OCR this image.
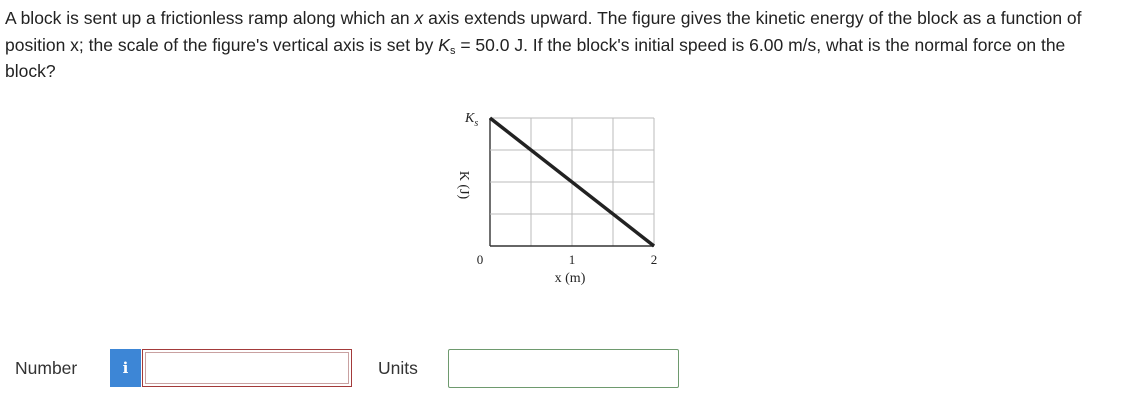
A block is sent up a frictionless ramp along which an x axis extends upward. The figure gives the kinetic energy of the block as a function of position x; the scale of the figure's vertical axis is set by $K_s = 50.0$ J. If the block's initial speed is 6.00 m/s, what is the normal force on the block?
$K_s$
K (J)
0	1	2
x (m)
Number	i	Units
